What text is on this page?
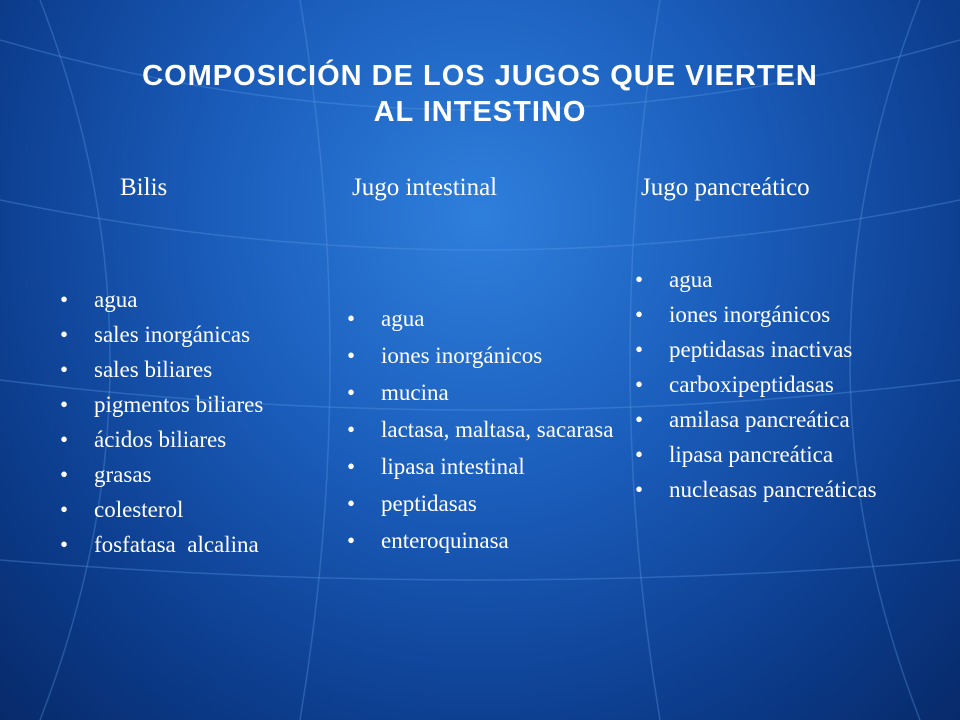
COMPOSICIÓN DE LOS JUGOS QUE VIERTEN
AL INTESTINO
Bilis	Jugo intestinal	Jugo pancreático
• agua
• sales inorgánicas
• sales biliares
• pigmentos biliares
• ácidos biliares
• grasas
• colesterol
• fosfatasa  alcalina
• agua
• iones inorgánicos
• mucina
• lactasa, maltasa, sacarasa
• lipasa intestinal
• peptidasas
• enteroquinasa
• agua
• iones inorgánicos
• peptidasas inactivas
• carboxipeptidasas
• amilasa pancreática
• lipasa pancreática
• nucleasas pancreáticas
